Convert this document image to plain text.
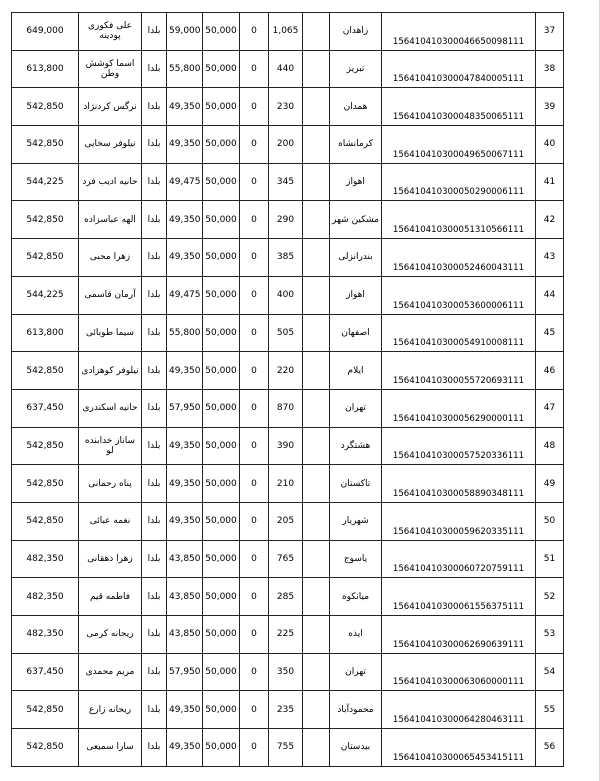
649,000	علی فکوری پودینه	بلدا	59,000	50,000	0	1,065		زاهدان	156410410300046650098111	37
613,800	اسما کوشش وطن	بلدا	55,800	50,000	0	440		تبریز	156410410300047840005111	38
542,850	نرگس کردنژاد	بلدا	49,350	50,000	0	230		همدان	156410410300048350065111	39
542,850	نیلوفر سخایی	بلدا	49,350	50,000	0	200		کرمانشاه	156410410300049650067111	40
544,225	حانیه ادیب فرد	بلدا	49,475	50,000	0	345		اهواز	156410410300050290006111	41
542,850	الهه عباسزاده	بلدا	49,350	50,000	0	290		مشکین شهر	156410410300051310566111	42
542,850	زهرا محبی	بلدا	49,350	50,000	0	385		بندرانزلی	156410410300052460043111	43
544,225	آرمان قاسمی	بلدا	49,475	50,000	0	400		اهواز	156410410300053600006111	44
613,800	سیما طوبائی	بلدا	55,800	50,000	0	505		اصفهان	156410410300054910008111	45
542,850	نیلوفر کوهزادی	بلدا	49,350	50,000	0	220		ایلام	156410410300055720693111	46
637,450	حانیه اسکندری	بلدا	57,950	50,000	0	870		تهران	156410410300056290000111	47
542,850	ساناز خدابنده لو	بلدا	49,350	50,000	0	390		هشتگرد	156410410300057520336111	48
542,850	پناه رحمانی	بلدا	49,350	50,000	0	210		تاکستان	156410410300058890348111	49
542,850	نغمه عبائی	بلدا	49,350	50,000	0	205		شهریار	156410410300059620335111	50
482,350	زهرا دهقانی	بلدا	43,850	50,000	0	765		یاسوج	156410410300060720759111	51
482,350	فاطمه قیم	بلدا	43,850	50,000	0	285		میانکوه	156410410300061556375111	52
482,350	ریحانه کرمی	بلدا	43,850	50,000	0	225		ایذه	156410410300062690639111	53
637,450	مریم محمدی	بلدا	57,950	50,000	0	350		تهران	156410410300063060000111	54
542,850	ریحانه زارع	بلدا	49,350	50,000	0	235		محمودآباد	156410410300064280463111	55
542,850	سارا سمیعی	بلدا	49,350	50,000	0	755		بیدستان	156410410300065453415111	56
